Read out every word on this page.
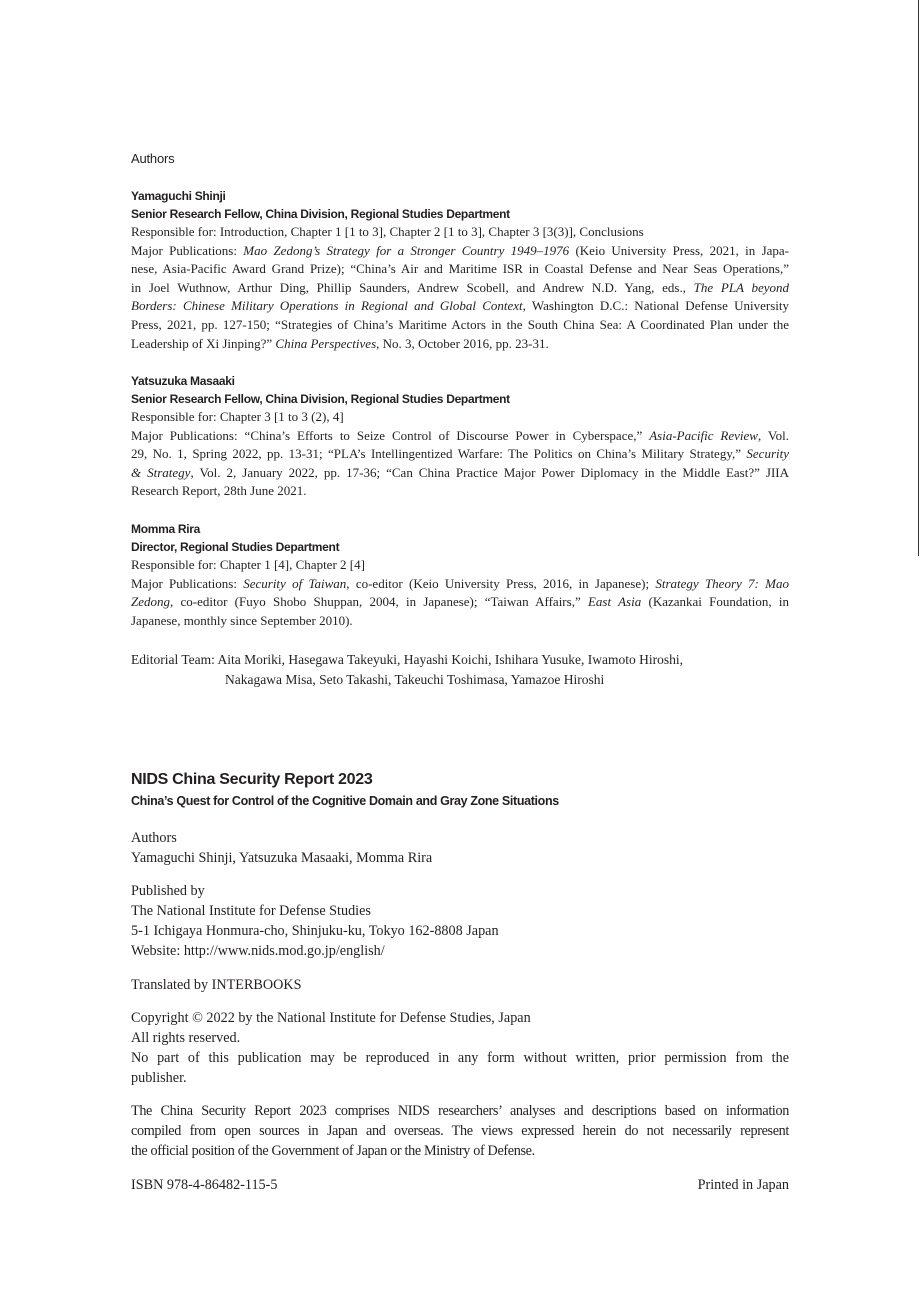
Authors
Yamaguchi Shinji
Senior Research Fellow, China Division, Regional Studies Department
Responsible for: Introduction, Chapter 1 [1 to 3], Chapter 2 [1 to 3], Chapter 3 [3(3)], Conclusions
Major Publications: Mao Zedong’s Strategy for a Stronger Country 1949–1976 (Keio University Press, 2021, in Japa-
nese, Asia-Pacific Award Grand Prize); “China’s Air and Maritime ISR in Coastal Defense and Near Seas Operations,”
in Joel Wuthnow, Arthur Ding, Phillip Saunders, Andrew Scobell, and Andrew N.D. Yang, eds., The PLA beyond
Borders: Chinese Military Operations in Regional and Global Context, Washington D.C.: National Defense University
Press, 2021, pp. 127-150; “Strategies of China’s Maritime Actors in the South China Sea: A Coordinated Plan under the
Leadership of Xi Jinping?” China Perspectives, No. 3, October 2016, pp. 23-31.
Yatsuzuka Masaaki
Senior Research Fellow, China Division, Regional Studies Department
Responsible for: Chapter 3 [1 to 3 (2), 4]
Major Publications: “China’s Efforts to Seize Control of Discourse Power in Cyberspace,” Asia-Pacific Review, Vol.
29, No. 1, Spring 2022, pp. 13-31; “PLA’s Intellingentized Warfare: The Politics on China’s Military Strategy,” Security
& Strategy, Vol. 2, January 2022, pp. 17-36; “Can China Practice Major Power Diplomacy in the Middle East?” JIIA
Research Report, 28th June 2021.
Momma Rira
Director, Regional Studies Department
Responsible for: Chapter 1 [4], Chapter 2 [4]
Major Publications: Security of Taiwan, co-editor (Keio University Press, 2016, in Japanese); Strategy Theory 7: Mao
Zedong, co-editor (Fuyo Shobo Shuppan, 2004, in Japanese); “Taiwan Affairs,” East Asia (Kazankai Foundation, in
Japanese, monthly since September 2010).
Editorial Team: Aita Moriki, Hasegawa Takeyuki, Hayashi Koichi, Ishihara Yusuke, Iwamoto Hiroshi,
Nakagawa Misa, Seto Takashi, Takeuchi Toshimasa, Yamazoe Hiroshi
NIDS China Security Report 2023
China’s Quest for Control of the Cognitive Domain and Gray Zone Situations
Authors
Yamaguchi Shinji, Yatsuzuka Masaaki, Momma Rira
Published by
The National Institute for Defense Studies
5-1 Ichigaya Honmura-cho, Shinjuku-ku, Tokyo 162-8808 Japan
Website: http://www.nids.mod.go.jp/english/
Translated by INTERBOOKS
Copyright © 2022 by the National Institute for Defense Studies, Japan
All rights reserved.
No part of this publication may be reproduced in any form without written, prior permission from the
publisher.
The China Security Report 2023 comprises NIDS researchers’ analyses and descriptions based on information
compiled from open sources in Japan and overseas. The views expressed herein do not necessarily represent
the official position of the Government of Japan or the Ministry of Defense.
ISBN 978-4-86482-115-5	Printed in Japan
